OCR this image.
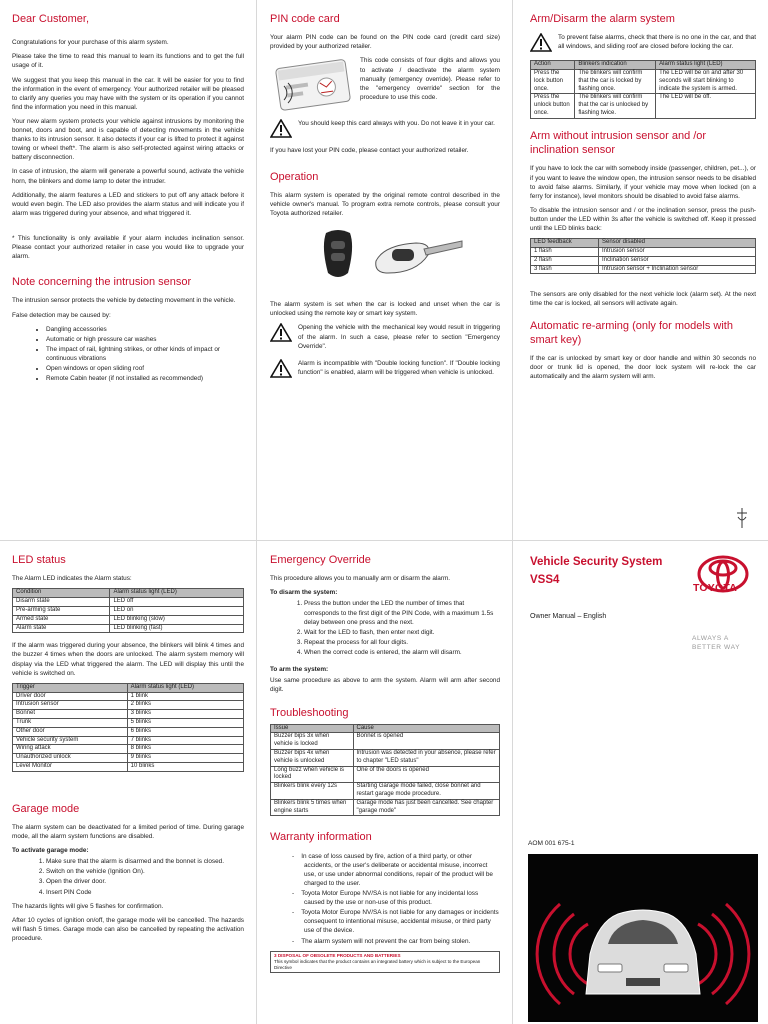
Dear Customer,

Congratulations for your purchase of this alarm system.

Please take the time to read this manual to learn its functions and to get the full usage of it.

We suggest that you keep this manual in the car. It will be easier for you to find the information in the event of emergency. Your authorized retailer will be pleased to clarify any queries you may have with the system or its operation if you cannot find the information you need in this manual.

Your new alarm system protects your vehicle against intrusions by monitoring the bonnet, doors and boot, and is capable of detecting movements in the vehicle thanks to its intrusion sensor. It also detects if your car is lifted to protect it against towing or wheel theft*. The alarm is also self-protected against wiring attacks or battery disconnection.

In case of intrusion, the alarm will generate a powerful sound, activate the vehicle horn, the blinkers and dome lamp to deter the intruder.

Additionally, the alarm features a LED and stickers to put off any attack before it would even begin. The LED also provides the alarm status and will indicate you if alarm was triggered during your absence, and what triggered it.

* This functionality is only available if your alarm includes inclination sensor. Please contact your authorized retailer in case you would like to upgrade your alarm.

Note concerning the intrusion sensor

The intrusion sensor protects the vehicle by detecting movement in the vehicle.

False detection may be caused by:

• Dangling accessories
• Automatic or high pressure car washes
• The impact of rail, lightning strikes, or other kinds of impact or continuous vibrations
• Open windows or open sliding roof
• Remote Cabin heater (if not installed as recommended)
PIN code card

Your alarm PIN code can be found on the PIN code card (credit card size) provided by your authorized retailer.

This code consists of four digits and allows you to activate / deactivate the alarm system manually (emergency override). Please refer to the "emergency override" section for the procedure to use this code.

You should keep this card always with you. Do not leave it in your car.

If you have lost your PIN code, please contact your authorized retailer.

Operation

This alarm system is operated by the original remote control described in the vehicle owner's manual. To program extra remote controls, please consult your Toyota authorized retailer.

The alarm system is set when the car is locked and unset when the car is unlocked using the remote key or smart key system.

Opening the vehicle with the mechanical key would result in triggering of the alarm. In such a case, please refer to section "Emergency Override".

Alarm is incompatible with "Double locking function". If "Double locking function" is enabled, alarm will be triggered when vehicle is unlocked.

Arm/Disarm the alarm system

To prevent false alarms, check that there is no one in the car, and that all windows, and sliding roof are closed before locking the car.

Action	Blinkers indication	Alarm status light (LED)
Press the lock button once.	The blinkers will confirm that the car is locked by flashing once.	The LED will be on and after 30 seconds will start blinking to indicate the system is armed.
Press the unlock button once.	The blinkers will confirm that the car is unlocked by flashing twice.	The LED will be off.
Arm without intrusion sensor and /or inclination sensor

If you have to lock the car with somebody inside (passenger, children, pet...), or if you want to leave the window open, the intrusion sensor needs to be disabled to avoid false alarms. Similarly, if your vehicle may move when locked (on a ferry for instance), level monitors should be disabled to avoid false alarms.

To disable the intrusion sensor and / or the inclination sensor, press the push-button under the LED within 3s after the vehicle is switched off. Keep it pressed until the LED blinks back:

LED feedback	Sensor disabled
1 flash	Intrusion sensor
2 flash	Inclination sensor
3 flash	Intrusion sensor + Inclination sensor

The sensors are only disabled for the next vehicle lock (alarm set). At the next time the car is locked, all sensors will activate again.

Automatic re-arming (only for models with smart key)

If the car is unlocked by smart key or door handle and within 30 seconds no door or trunk lid is opened, the door lock system will re-lock the car automatically and the alarm system will arm.

LED status

The Alarm LED indicates the Alarm status:

Condition	Alarm status light (LED)
Disarm state	LED off
Pre-arming state	LED on
Armed state	LED blinking (slow)
Alarm state	LED blinking (fast)

If the alarm was triggered during your absence, the blinkers will blink 4 times and the buzzer 4 times when the doors are unlocked. The alarm system memory will display via the LED what triggered the alarm. The LED will display this until the vehicle is switched on.

Trigger	Alarm status light (LED)
Driver door	1 blink
Intrusion sensor	2 blinks
Bonnet	3 blinks
Trunk	5 blinks
Other door	6 blinks
Vehicle security system	7 blinks
Wiring attack	8 blinks
Unauthorized unlock	9 blinks
Level Monitor	10 blinks
Garage mode

The alarm system can be deactivated for a limited period of time. During garage mode, all the alarm system functions are disabled.

To activate garage mode:

1. Make sure that the alarm is disarmed and the bonnet is closed.
2. Switch on the vehicle (Ignition On).
3. Open the driver door.
4. Insert PIN Code

The hazards lights will give 5 flashes for confirmation.

After 10 cycles of ignition on/off, the garage mode will be cancelled. The hazards will flash 5 times. Garage mode can also be cancelled by repeating the activation procedure.

Emergency Override

This procedure allows you to manually arm or disarm the alarm.

To disarm the system:

1. Press the button under the LED the number of times that corresponds to the first digit of the PIN Code, with a maximum 1.5s delay between one press and the next.
2. Wait for the LED to flash, then enter next digit.
3. Repeat the process for all four digits.
4. When the correct code is entered, the alarm will disarm.

To arm the system:

Use same procedure as above to arm the system. Alarm will arm after second digit.

Troubleshooting
Issue	Cause
Buzzer bips 3x when vehicle is locked	Bonnet is opened
Buzzer bips 4x when vehicle is unlocked	Intrusion was detected in your absence, please refer to chapter "LED status"
Long buzz when vehicle is locked	One of the doors is opened
Blinkers blink every 12s	Starting Garage mode failed, close bonnet and restart garage mode procedure.
Blinkers blink 5 times when engine starts	Garage mode has just been cancelled. See chapter "garage mode"
Warranty information
-    In case of loss caused by fire, action of a third party, or other accidents, or the user's deliberate or accidental misuse, incorrect use, or use under abnormal conditions, repair of the product will be charged to the user.
-    Toyota Motor Europe NV/SA is not liable for any incidental loss caused by the use or non-use of this product.
-    Toyota Motor Europe NV/SA is not liable for any damages or incidents consequent to intentional misuse, accidental misuse, or third party use of the device.
-    The alarm system will not prevent the car from being stolen.
3 DISPOSAL OF OBSOLETE PRODUCTS AND BATTERIES
This symbol indicates that the product contains an integrated battery which is subject to the European Directive
Vehicle Security System
VSS4
Owner Manual – English
TOYOTA
ALWAYS A
BETTER WAY
AOM 001 675-1
